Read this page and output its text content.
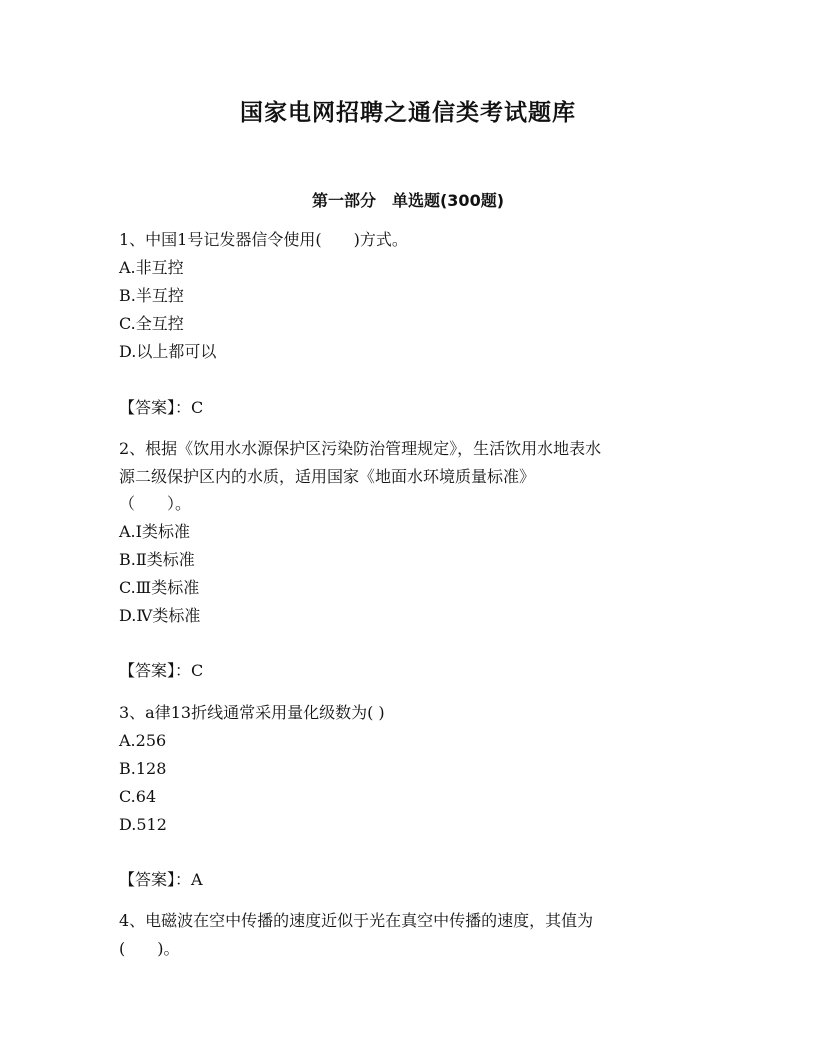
国家电网招聘之通信类考试题库
第一部分　单选题(300题)
1、中国1号记发器信令使用(　　)方式。
A.非互控
B.半互控
C.全互控
D.以上都可以
【答案】：C
2、根据《饮用水水源保护区污染防治管理规定》，生活饮用水地表水
源二级保护区内的水质，适用国家《地面水环境质量标准》
（　　）。
A.Ⅰ类标准
B.Ⅱ类标准
C.Ⅲ类标准
D.Ⅳ类标准
【答案】：C
3、a律13折线通常采用量化级数为( )
A.256
B.128
C.64
D.512
【答案】：A
4、电磁波在空中传播的速度近似于光在真空中传播的速度，其值为
(　　)。
